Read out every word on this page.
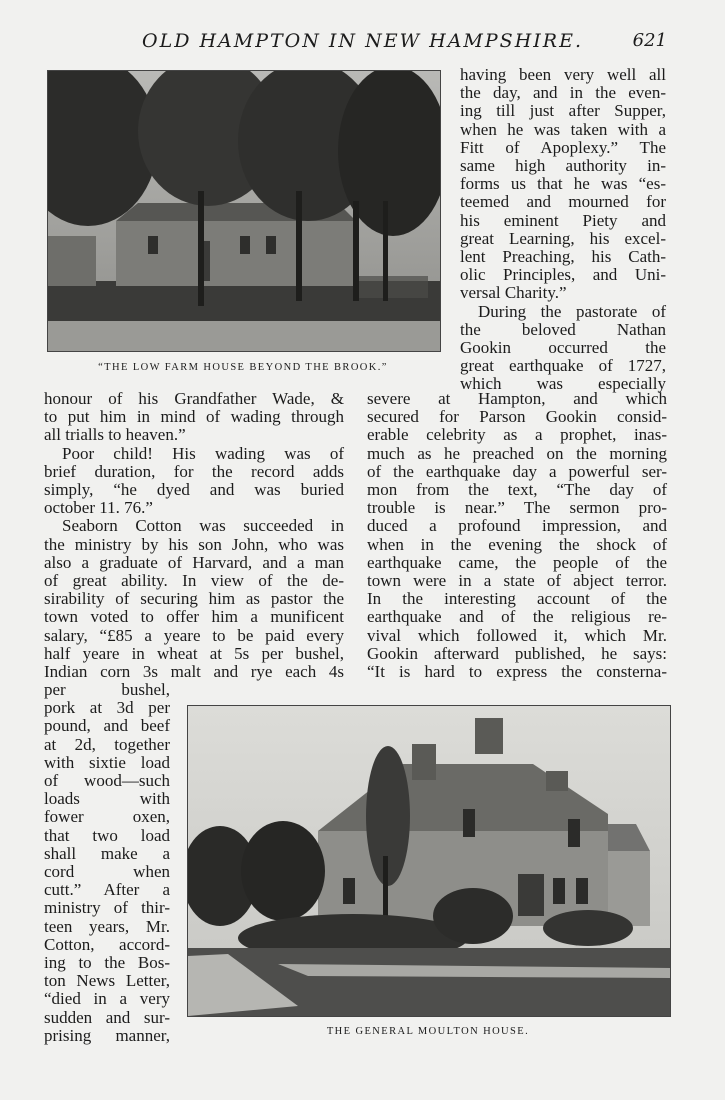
OLD HAMPTON IN NEW HAMPSHIRE.	621
“THE LOW FARM HOUSE BEYOND THE BROOK.”

having been very well all
the day, and in the even-
ing till just after Supper,
when he was taken with a
Fitt of Apoplexy.” The
same high authority in-
forms us that he was “es-
teemed and mourned for
his eminent Piety and
great Learning, his excel-
lent Preaching, his Cath-
olic Principles, and Uni-
versal Charity.”
During the pastorate of
the beloved Nathan
Gookin occurred the
great earthquake of 1727,
which was especially

honour of his Grandfather Wade, &
to put him in mind of wading through
all trialls to heaven.”
Poor child! His wading was of
brief duration, for the record adds
simply, “he dyed and was buried
october 11. 76.”
Seaborn Cotton was succeeded in
the ministry by his son John, who was
also a graduate of Harvard, and a man
of great ability. In view of the de-
sirability of securing him as pastor the
town voted to offer him a munificent
salary, “£85 a yeare to be paid every
half yeare in wheat at 5s per bushel,
Indian corn 3s malt and rye each 4s

severe at Hampton, and which
secured for Parson Gookin consid-
erable celebrity as a prophet, inas-
much as he preached on the morning
of the earthquake day a powerful ser-
mon from the text, “The day of
trouble is near.” The sermon pro-
duced a profound impression, and
when in the evening the shock of
earthquake came, the people of the
town were in a state of abject terror.
In the interesting account of the
earthquake and of the religious re-
vival which followed it, which Mr.
Gookin afterward published, he says:
“It is hard to express the consterna-

per bushel,
pork at 3d per
pound, and beef
at 2d, together
with sixtie load
of wood—such
loads with
fower oxen,
that two load
shall make a
cord when
cutt.” After a
ministry of thir-
teen years, Mr.
Cotton, accord-
ing to the Bos-
ton News Letter,
“died in a very
sudden and sur-
prising manner,	THE GENERAL MOULTON HOUSE.
